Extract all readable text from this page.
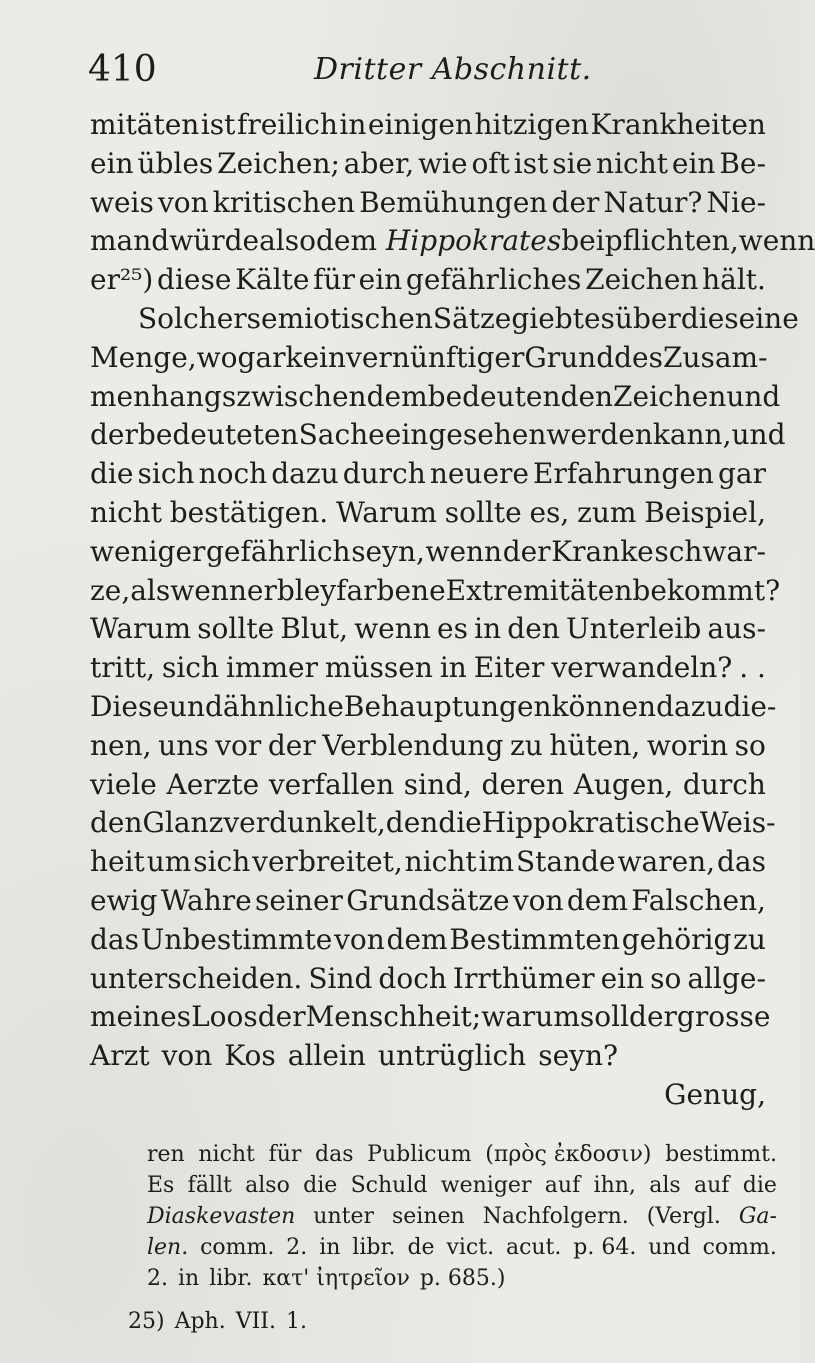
410	Dritter Abschnitt.
mitäten ist freilich in einigen hitzigen Krankheiten
ein übles Zeichen; aber, wie oft ist sie nicht ein Be-
weis von kritischen Bemühungen der Natur? Nie-
mand würde also dem Hippokrates beipflichten, wenn
er²⁵) diese Kälte für ein gefährliches Zeichen hält.
Solcher semiotischen Sätze giebt es überdies eine
Menge, wo gar kein vernünftiger Grund des Zusam-
menhangs zwischen dem bedeutenden Zeichen und
der bedeuteten Sache eingesehen werden kann, und
die sich noch dazu durch neuere Erfahrungen gar
nicht bestätigen. Warum sollte es, zum Beispiel,
weniger gefährlich seyn, wenn der Kranke schwar-
ze, als wenn er bleyfarbene Extremitäten bekommt?
Warum sollte Blut, wenn es in den Unterleib aus-
tritt, sich immer müssen in Eiter verwandeln? . .
Diese und ähnliche Behauptungen können dazu die-
nen, uns vor der Verblendung zu hüten, worin so
viele Aerzte verfallen sind, deren Augen, durch
den Glanz verdunkelt, den die Hippokratische Weis-
heit um sich verbreitet, nicht im Stande waren, das
ewig Wahre seiner Grundsätze von dem Falschen,
das Unbestimmte von dem Bestimmten gehörig zu
unterscheiden. Sind doch Irrthümer ein so allge-
meines Loos der Menschheit; warum soll der grosse
Arzt von Kos allein untrüglich seyn?
Genug,
ren nicht für das Publicum (πρὸς ἐκδοσιν) bestimmt.
Es fällt also die Schuld weniger auf ihn, als auf die
Diaskevasten unter seinen Nachfolgern. (Vergl. Ga-
len. comm. 2. in libr. de vict. acut. p. 64. und comm.
2. in libr. κατ' ἰητρεῖον p. 685.)
25) Aph. VII. 1.
